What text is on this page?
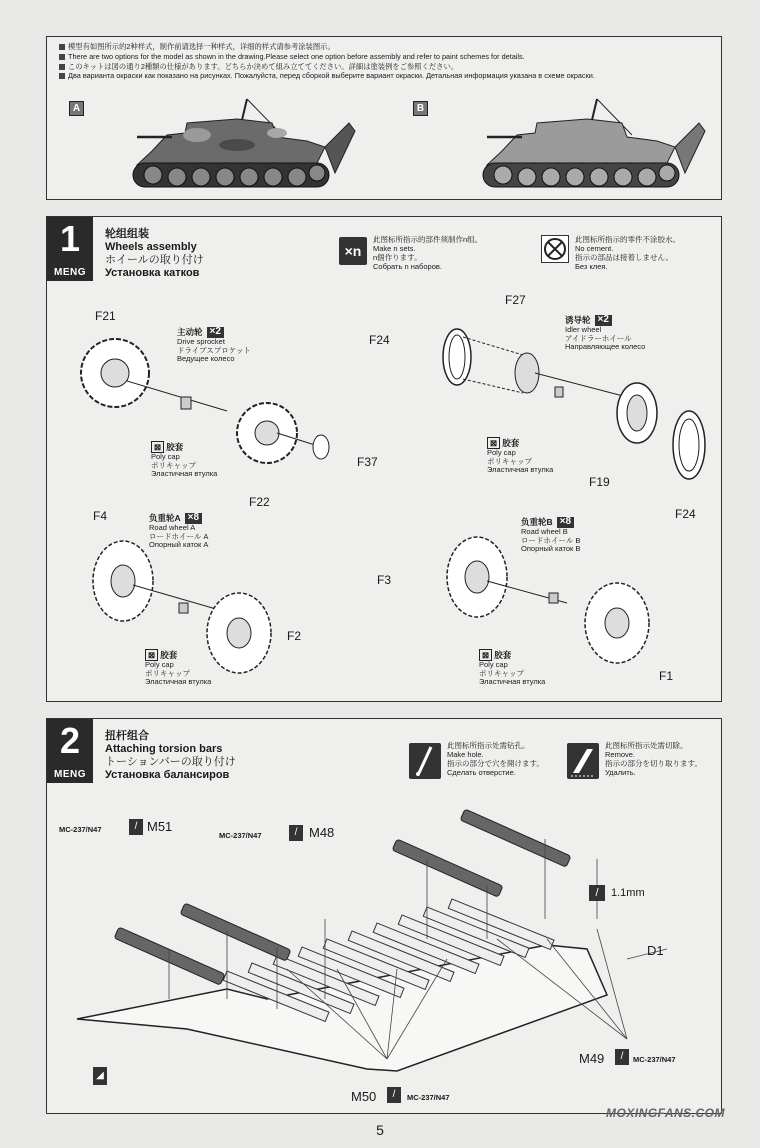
模型有如图所示的2种样式，制作前请选择一种样式，详细的样式请参考涂装图示。
There are two options for the model as shown in the drawing.Please select one option before assembly and refer to paint schemes for details.
このキットは図の通り2種類の仕様があります。どちらか決めて組み立ててください。詳細は塗装例をご参照ください。
Два варианта окраски как показано на рисунках. Пожалуйста, перед сборкой выберите вариант окраски. Детальная информация указана в схеме окраски.
A	B
1
MENG
轮组组装
Wheels assembly
ホイールの取り付け
Установка катков
×n
此图标所指示的部件须制作n组。
Make n sets.
n個作ります。
Собрать n наборов.
此图标所指示的零件不涂胶水。
No cement.
指示の部品は接着しません。
Без клея.
F21
F22
F37
主动轮 ×2
Drive sprocket
ドライブスプロケット
Ведущее колесо
⊠ 胶套
Poly cap
ポリキャップ
Эластичная втулка
F24
F27
F19
F24
诱导轮 ×2
Idler wheel
アイドラーホイール
Направляющее колесо
⊠ 胶套
Poly cap
ポリキャップ
Эластичная втулка
F4
F2
负重轮A ×8
Road wheel A
ロードホイール A
Опорный каток A
⊠ 胶套
Poly cap
ポリキャップ
Эластичная втулка
F3
F1
负重轮B ×8
Road wheel B
ロードホイール B
Опорный каток B
⊠ 胶套
Poly cap
ポリキャップ
Эластичная втулка
2
MENG
扭杆组合
Attaching torsion bars
トーションバーの取り付け
Установка балансиров
此图标所指示处需钻孔。
Make hole.
指示の部分で穴を開けます。
Сделать отверстие.
此图标所指示处需切除。
Remove.
指示の部分を切り取ります。
Удалить.
MC-237/N47	/ M51
MC-237/N47	/ M48
/	1.1mm
D1
M49	/	MC-237/N47
M50	/	MC-237/N47
◢
5
MOXINGFANS.COM
